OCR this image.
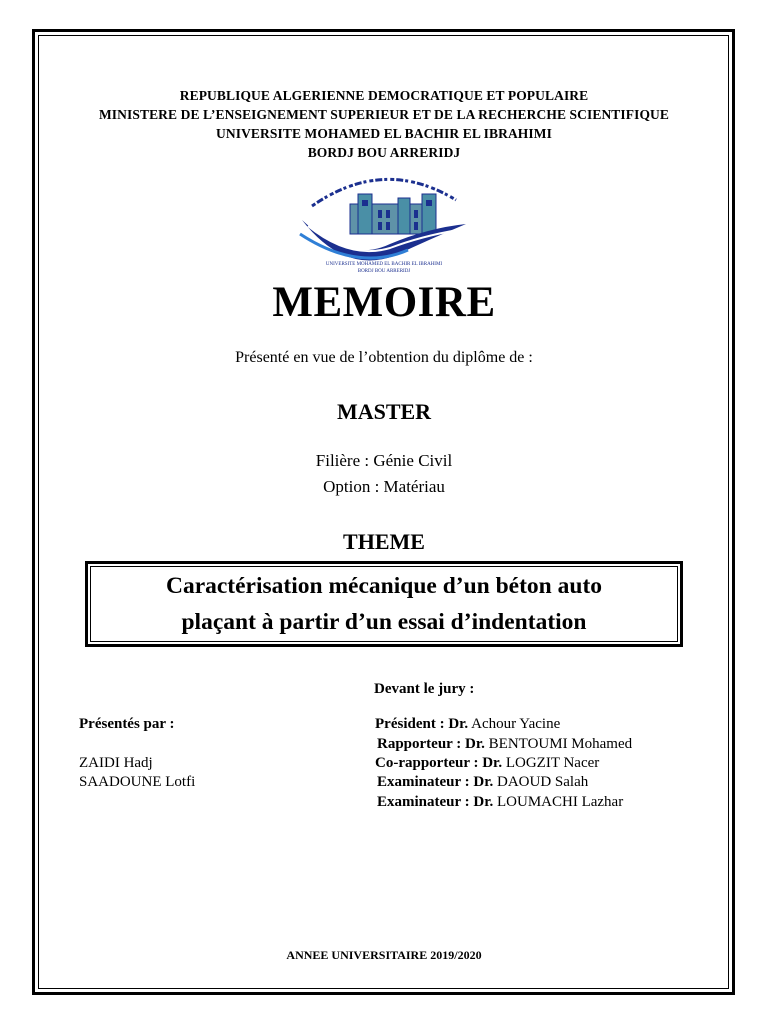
REPUBLIQUE ALGERIENNE DEMOCRATIQUE ET POPULAIRE
MINISTERE DE L’ENSEIGNEMENT SUPERIEUR ET DE LA RECHERCHE SCIENTIFIQUE
UNIVERSITE MOHAMED EL BACHIR EL IBRAHIMI
BORDJ BOU ARRERIDJ
UNIVERSITE MOHAMED EL BACHIR EL IBRAHIMI
BORDJ BOU ARRERIDJ
MEMOIRE
Présenté en vue de l’obtention du diplôme de :
MASTER
Filière : Génie Civil
Option : Matériau
THEME
Caractérisation mécanique d’un béton auto
plaçant à partir d’un essai d’indentation
Devant le jury :
Présentés par :
ZAIDI Hadj
SAADOUNE Lotfi
Président : Dr. Achour Yacine
Rapporteur : Dr. BENTOUMI Mohamed
Co-rapporteur : Dr. LOGZIT Nacer
Examinateur : Dr. DAOUD Salah
Examinateur : Dr. LOUMACHI Lazhar
ANNEE UNIVERSITAIRE 2019/2020
